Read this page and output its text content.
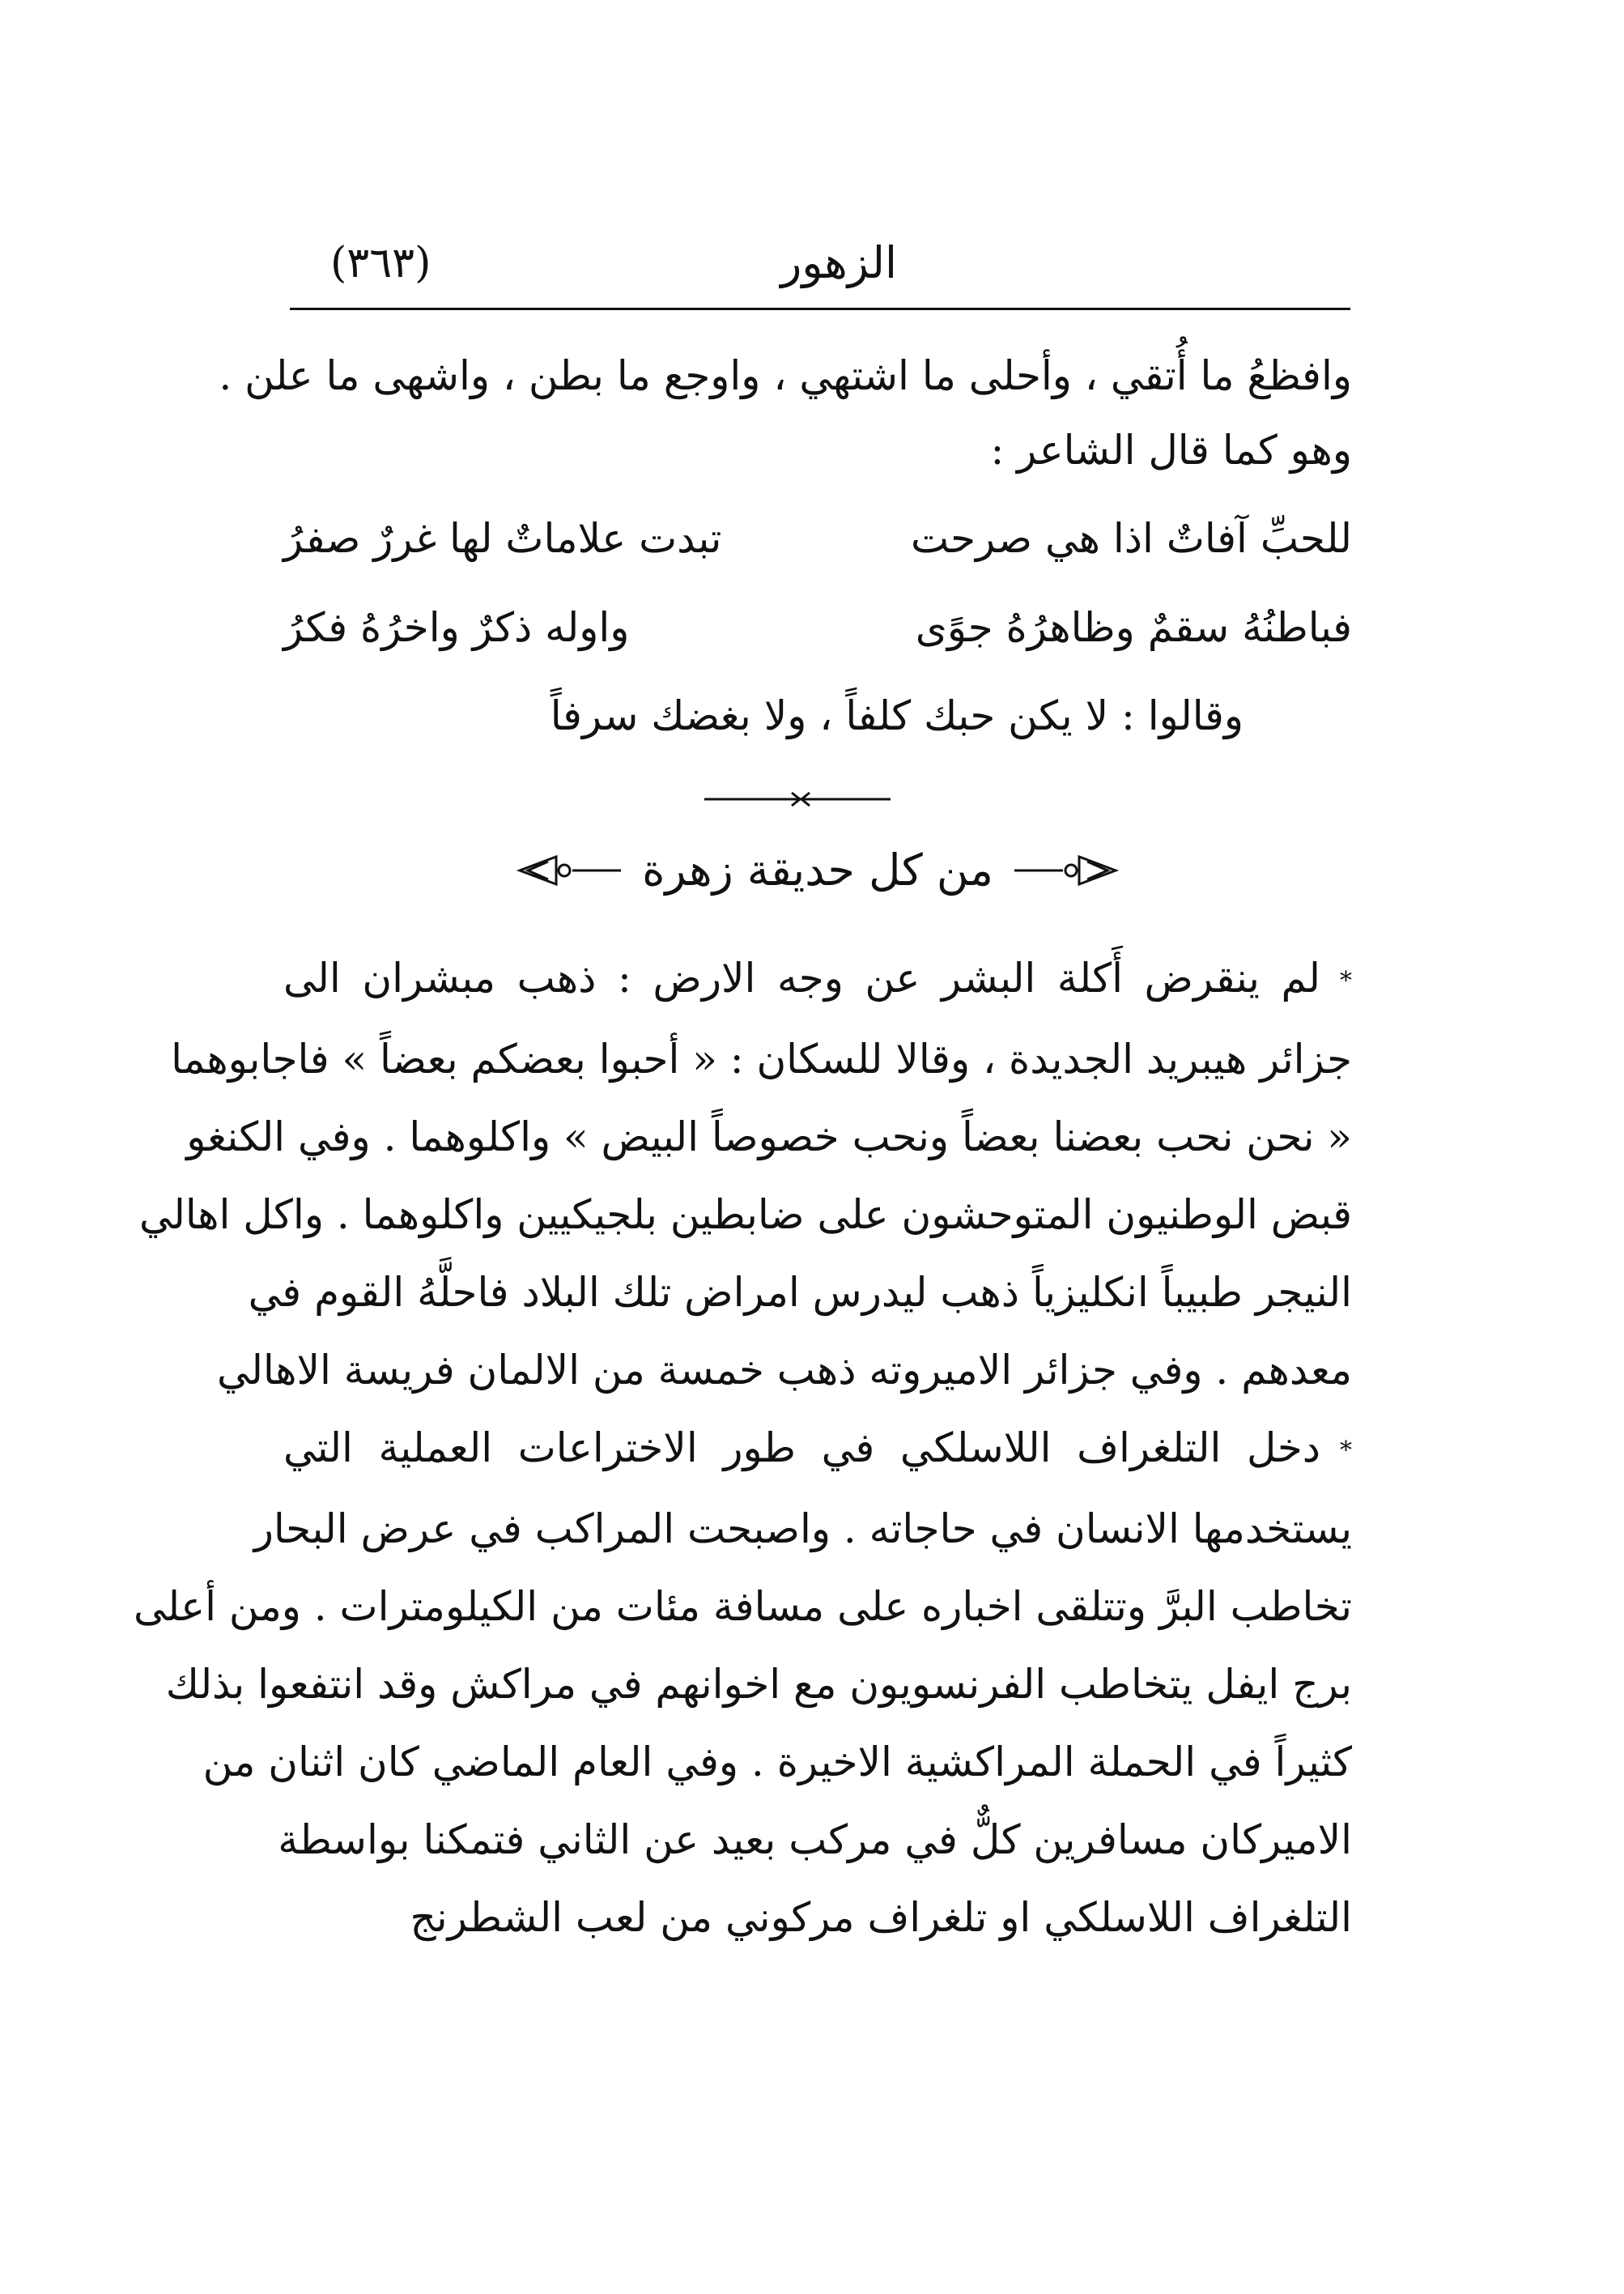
الزهور
(٣٦٣)
وافظعُ ما أُتقي ، وأحلى ما اشتهي ، واوجع ما بطن ، واشهى ما علن .
وهو كما قال الشاعر :
للحبِّ آفاتٌ اذا هي صرحت
تبدت علاماتٌ لها غررٌ صفرُ
فباطنُهُ سقمٌ وظاهرُهُ جوًى
واوله ذكرٌ واخرُهُ فكرُ
وقالوا : لا يكن حبك كلفاً ، ولا بغضك سرفاً
من كل حديقة زهرة
*لم ينقرض أَكلة البشر عن وجه الارض : ذهب مبشران الى
جزائر هيبريد الجديدة ، وقالا للسكان : « أحبوا بعضكم بعضاً » فاجابوهما
« نحن نحب بعضنا بعضاً ونحب خصوصاً البيض » واكلوهما . وفي الكنغو
قبض الوطنيون المتوحشون على ضابطين بلجيكيين واكلوهما . واكل اهالي
النيجر طبيباً انكليزياً ذهب ليدرس امراض تلك البلاد فاحلَّهُ القوم في
معدهم . وفي جزائر الاميروته ذهب خمسة من الالمان فريسة الاهالي
*دخل التلغراف اللاسلكي في طور الاختراعات العملية التي
يستخدمها الانسان في حاجاته . واصبحت المراكب في عرض البحار
تخاطب البرَّ وتتلقى اخباره على مسافة مئات من الكيلومترات . ومن أعلى
برج ايفل يتخاطب الفرنسويون مع اخوانهم في مراكش وقد انتفعوا بذلك
كثيراً في الحملة المراكشية الاخيرة . وفي العام الماضي كان اثنان من
الاميركان مسافرين كلٌّ في مركب بعيد عن الثاني فتمكنا بواسطة
التلغراف اللاسلكي او تلغراف مركوني من لعب الشطرنج
